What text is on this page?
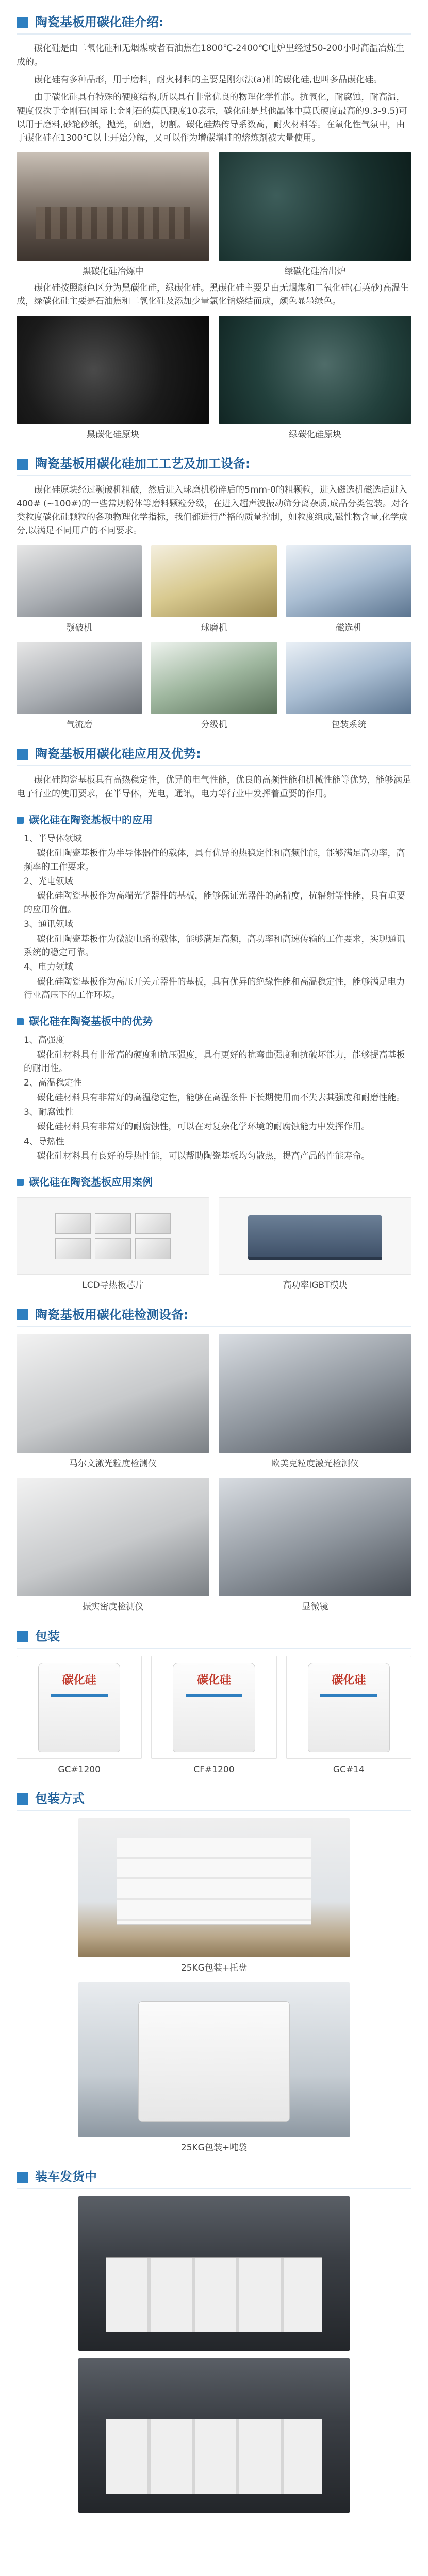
陶瓷基板用碳化硅介绍:

碳化硅是由二氧化硅和无烟煤或者石油焦在1800℃-2400℃电炉里经过50-200小时高温冶炼生成的。

碳化硅有多种晶形，用于磨料，耐火材料的主要是刚尔法(a)相的碳化硅,也叫多晶碳化硅。

由于碳化硅具有特殊的硬度结构,所以具有非常优良的物理化学性能。抗氧化，耐腐蚀，耐高温，硬度仅次于金刚石(国际上金刚石的莫氏硬度10表示，碳化硅是其他晶体中莫氏硬度最高的9.3-9.5)可以用于磨料,砂轮砂纸，抛光，研磨，切割。碳化硅热传导系数高，耐火材料等。在氧化性气氛中，由于碳化硅在1300℃以上开始分解，又可以作为增碳增硅的熔炼剂被大量使用。

黑碳化硅冶炼中	绿碳化硅冶出炉

碳化硅按照颜色区分为黑碳化硅，绿碳化硅。黑碳化硅主要是由无烟煤和二氧化硅(石英砂)高温生成，绿碳化硅主要是石油焦和二氧化硅及添加少量氯化钠烧结而成，颜色显墨绿色。

黑碳化硅原块	绿碳化硅原块
陶瓷基板用碳化硅加工工艺及加工设备:

碳化硅原块经过颚破机粗破，然后进入球磨机粉碎后的5mm-0的粗颗粒，进入磁选机磁选后进入400# (~100#)的一些常规粉体等磨料颗粒分级，在进入超声波振动筛分离杂质,成品分类包装。对各类粒度碳化硅颗粒的各项物理化学指标，我们都进行严格的质量控制，如粒度组成,磁性物含量,化学成分,以满足不同用户的不同要求。

颚破机	球磨机	磁选机
气流磨	分级机	包装系统
陶瓷基板用碳化硅应用及优势:

碳化硅陶瓷基板具有高热稳定性，优异的电气性能，优良的高频性能和机械性能等优势，能够满足电子行业的使用要求，在半导体，光电，通讯，电力等行业中发挥着重要的作用。

碳化硅在陶瓷基板中的应用

1、半导体领域

碳化硅陶瓷基板作为半导体器件的载体，具有优异的热稳定性和高频性能，能够满足高功率，高频率的工作要求。

2、光电领域

碳化硅陶瓷基板作为高端光学器件的基板，能够保证光器件的高精度，抗辐射等性能，具有重要的应用价值。

3、通讯领域

碳化硅陶瓷基板作为微波电路的载体，能够满足高频，高功率和高速传输的工作要求，实现通讯系统的稳定可靠。

4、电力领域

碳化硅陶瓷基板作为高压开关元器件的基板，具有优异的绝缘性能和高温稳定性，能够满足电力行业高压下的工作环境。

碳化硅在陶瓷基板中的优势

1、高强度

碳化硅材料具有非常高的硬度和抗压强度，具有更好的抗弯曲强度和抗破坏能力，能够提高基板的耐用性。

2、高温稳定性

碳化硅材料具有非常好的高温稳定性，能够在高温条件下长期使用而不失去其强度和耐磨性能。

3、耐腐蚀性

碳化硅材料具有非常好的耐腐蚀性，可以在对复杂化学环境的耐腐蚀能力中发挥作用。

4、导热性

碳化硅材料具有良好的导热性能，可以帮助陶瓷基板均匀散热，提高产品的性能寿命。

碳化硅在陶瓷基板应用案例
LCD导热板芯片	高功率IGBT模块
陶瓷基板用碳化硅检测设备:
马尔文激光粒度检测仪	欧美克粒度激光检测仪
振实密度检测仪	显微镜
包装
碳化硅
GC#1200
碳化硅
CF#1200
碳化硅
GC#14
包装方式
25KG包装+托盘
25KG包装+吨袋
装车发货中
